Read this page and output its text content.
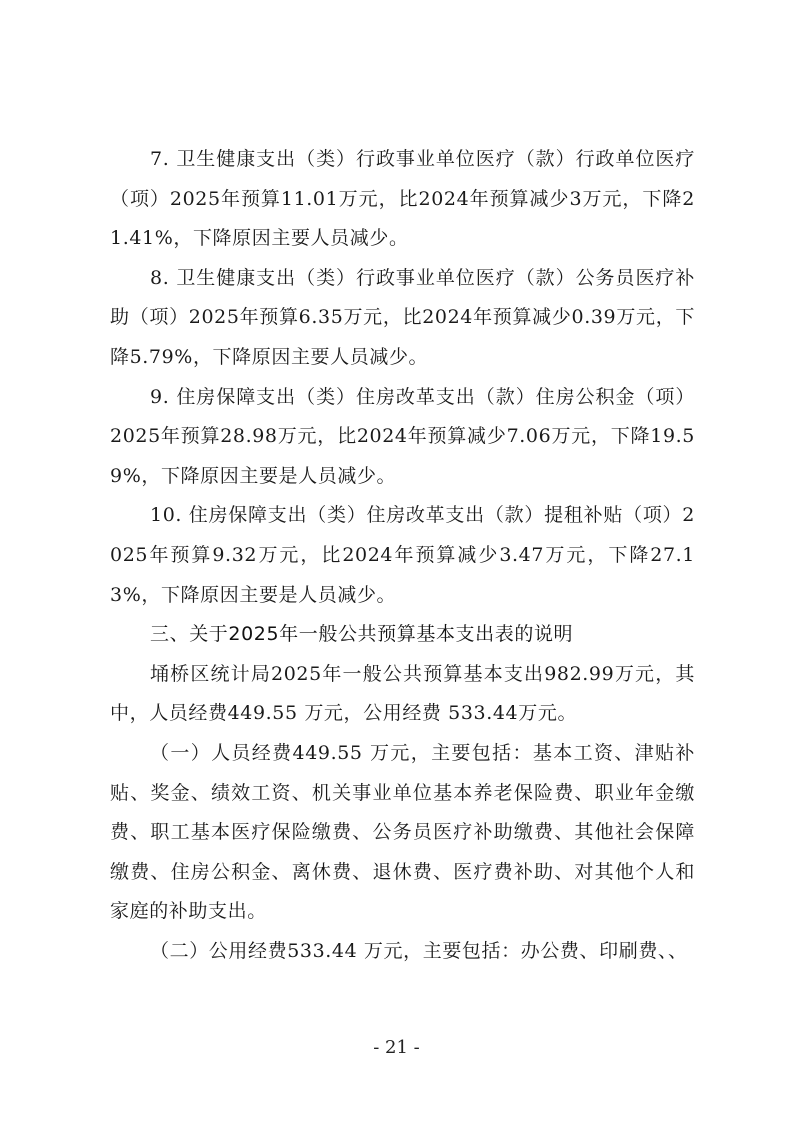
7. 卫生健康支出（类）行政事业单位医疗（款）行政单位医疗（项）2025年预算11.01万元，比2024年预算减少3万元，下降21.41%，下降原因主要人员减少。

8. 卫生健康支出（类）行政事业单位医疗（款）公务员医疗补助（项）2025年预算6.35万元，比2024年预算减少0.39万元，下降5.79%，下降原因主要人员减少。

9. 住房保障支出（类）住房改革支出（款）住房公积金（项）2025年预算28.98万元，比2024年预算减少7.06万元，下降19.59%，下降原因主要是人员减少。

10. 住房保障支出（类）住房改革支出（款）提租补贴（项）2025年预算9.32万元，比2024年预算减少3.47万元，下降27.13%，下降原因主要是人员减少。

三、关于2025年一般公共预算基本支出表的说明

埇桥区统计局2025年一般公共预算基本支出982.99万元，其中，人员经费449.55 万元，公用经费 533.44万元。

（一）人员经费449.55 万元，主要包括：基本工资、津贴补贴、奖金、绩效工资、机关事业单位基本养老保险费、职业年金缴费、职工基本医疗保险缴费、公务员医疗补助缴费、其他社会保障缴费、住房公积金、离休费、退休费、医疗费补助、对其他个人和家庭的补助支出。

（二）公用经费533.44 万元，主要包括：办公费、印刷费、、

- 21 -
